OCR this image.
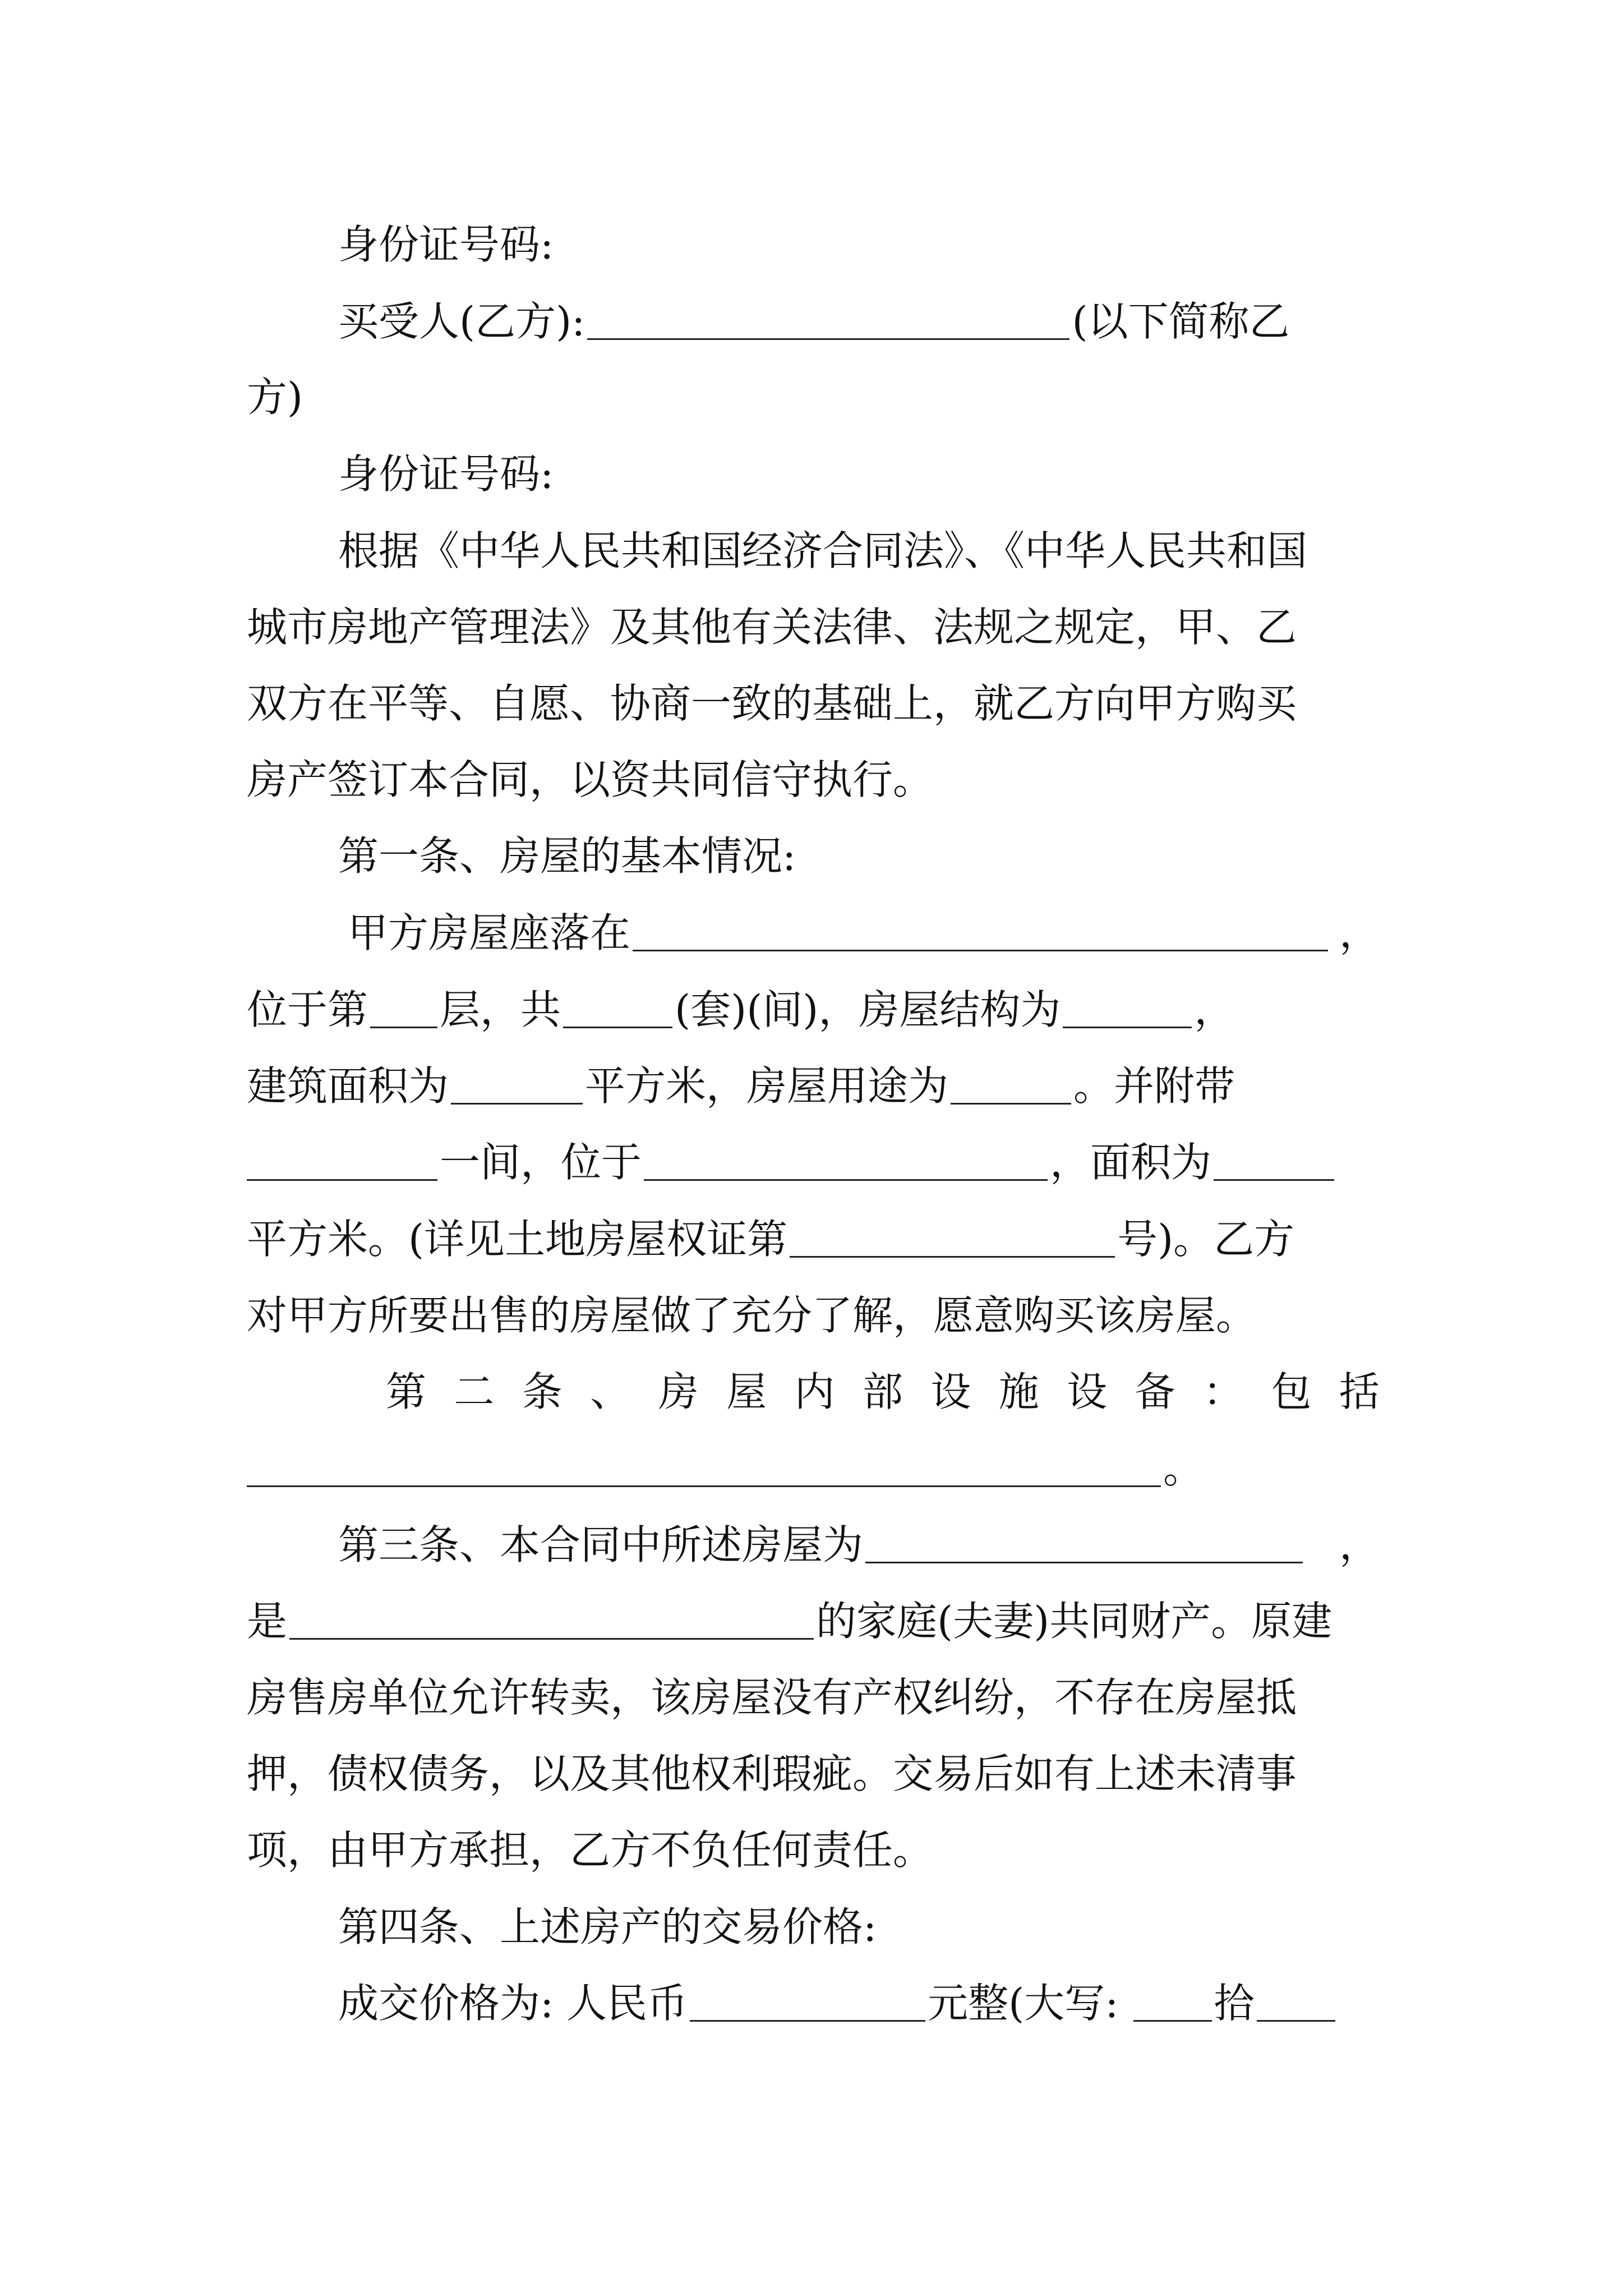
身份证号码:
买受人(乙方):	(以下简称乙
方)
身份证号码:
根据《中华人民共和国经济合同法》、《中华人民共和国
城市房地产管理法》及其他有关法律、法规之规定，甲、乙
双方在平等、自愿、协商一致的基础上，就乙方向甲方购买
房产签订本合同，以资共同信守执行。
第一条、房屋的基本情况:
甲方房屋座落在	，
位于第 层，共	(套)(间)，房屋结构为	，
建筑面积为	平方米，房屋用途为	。并附带
一间，位于	，面积为
平方米。(详见土地房屋权证第	号)。乙方
对甲方所要出售的房屋做了充分了解，愿意购买该房屋。
第 二 条 、 房 屋 内 部 设 施 设 备 ： 包 括
。
第三条、本合同中所述房屋为	，
是	的家庭(夫妻)共同财产。原建
房售房单位允许转卖，该房屋没有产权纠纷，不存在房屋抵
押，债权债务，以及其他权利瑕疵。交易后如有上述未清事
项，由甲方承担，乙方不负任何责任。
第四条、上述房产的交易价格:
成交价格为: 人民币	元整(大写: 拾
